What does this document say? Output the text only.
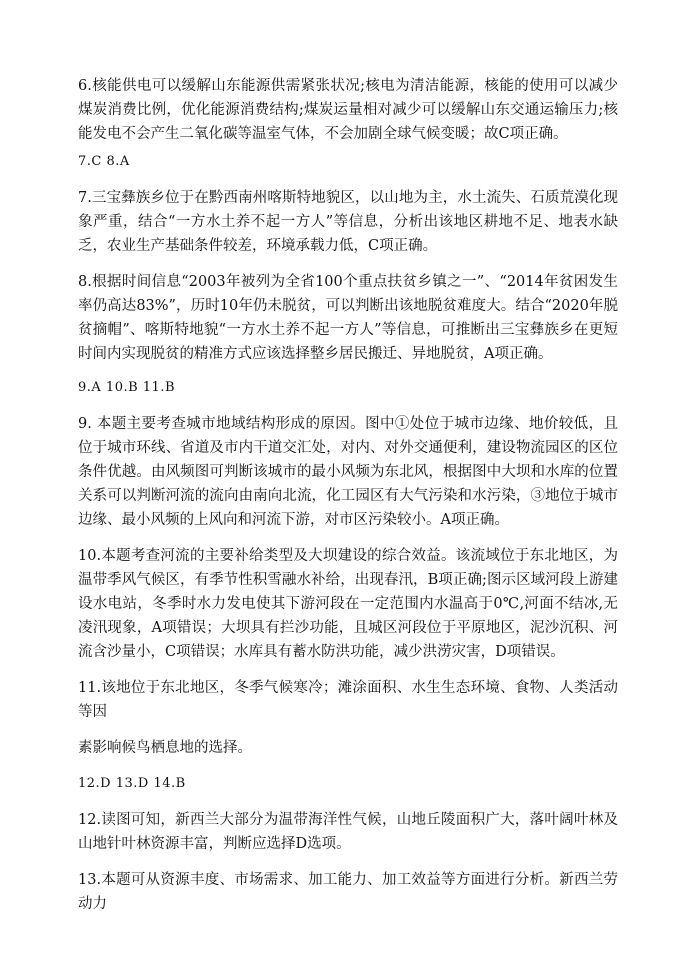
6.核能供电可以缓解山东能源供需紧张状况;核电为清洁能源，核能的使用可以减少煤炭消费比例，优化能源消费结构;煤炭运量相对减少可以缓解山东交通运输压力;核能发电不会产生二氧化碳等温室气体，不会加剧全球气候变暖；故C项正确。

7.C 8.A

7.三宝彝族乡位于在黔西南州喀斯特地貌区，以山地为主，水土流失、石质荒漠化现象严重，结合“一方水土养不起一方人”等信息，分析出该地区耕地不足、地表水缺乏，农业生产基础条件较差，环境承载力低，C项正确。

8.根据时间信息“2003年被列为全省100个重点扶贫乡镇之一”、“2014年贫困发生率仍高达83%”，历时10年仍未脱贫，可以判断出该地脱贫难度大。结合“2020年脱贫摘帽”、喀斯特地貌“一方水土养不起一方人”等信息，可推断出三宝彝族乡在更短时间内实现脱贫的精准方式应该选择整乡居民搬迁、异地脱贫，A项正确。

9.A 10.B 11.B

9. 本题主要考查城市地域结构形成的原因。图中①处位于城市边缘、地价较低，且位于城市环线、省道及市内干道交汇处，对内、对外交通便利，建设物流园区的区位条件优越。由风频图可判断该城市的最小风频为东北风，根据图中大坝和水库的位置关系可以判断河流的流向由南向北流，化工园区有大气污染和水污染，③地位于城市边缘、最小风频的上风向和河流下游，对市区污染较小。A项正确。

10.本题考查河流的主要补给类型及大坝建设的综合效益。该流域位于东北地区，为温带季风气候区，有季节性积雪融水补给，出现春汛，B项正确;图示区域河段上游建设水电站，冬季时水力发电使其下游河段在一定范围内水温高于0℃,河面不结冰,无凌汛现象，A项错误；大坝具有拦沙功能，且城区河段位于平原地区，泥沙沉积、河流含沙量小，C项错误；水库具有蓄水防洪功能，减少洪涝灾害，D项错误。

11.该地位于东北地区，冬季气候寒冷；滩涂面积、水生生态环境、食物、人类活动等因

素影响候鸟栖息地的选择。

12.D 13.D 14.B

12.读图可知，新西兰大部分为温带海洋性气候，山地丘陵面积广大，落叶阔叶林及山地针叶林资源丰富，判断应选择D选项。

13.本题可从资源丰度、市场需求、加工能力、加工效益等方面进行分析。新西兰劳动力
